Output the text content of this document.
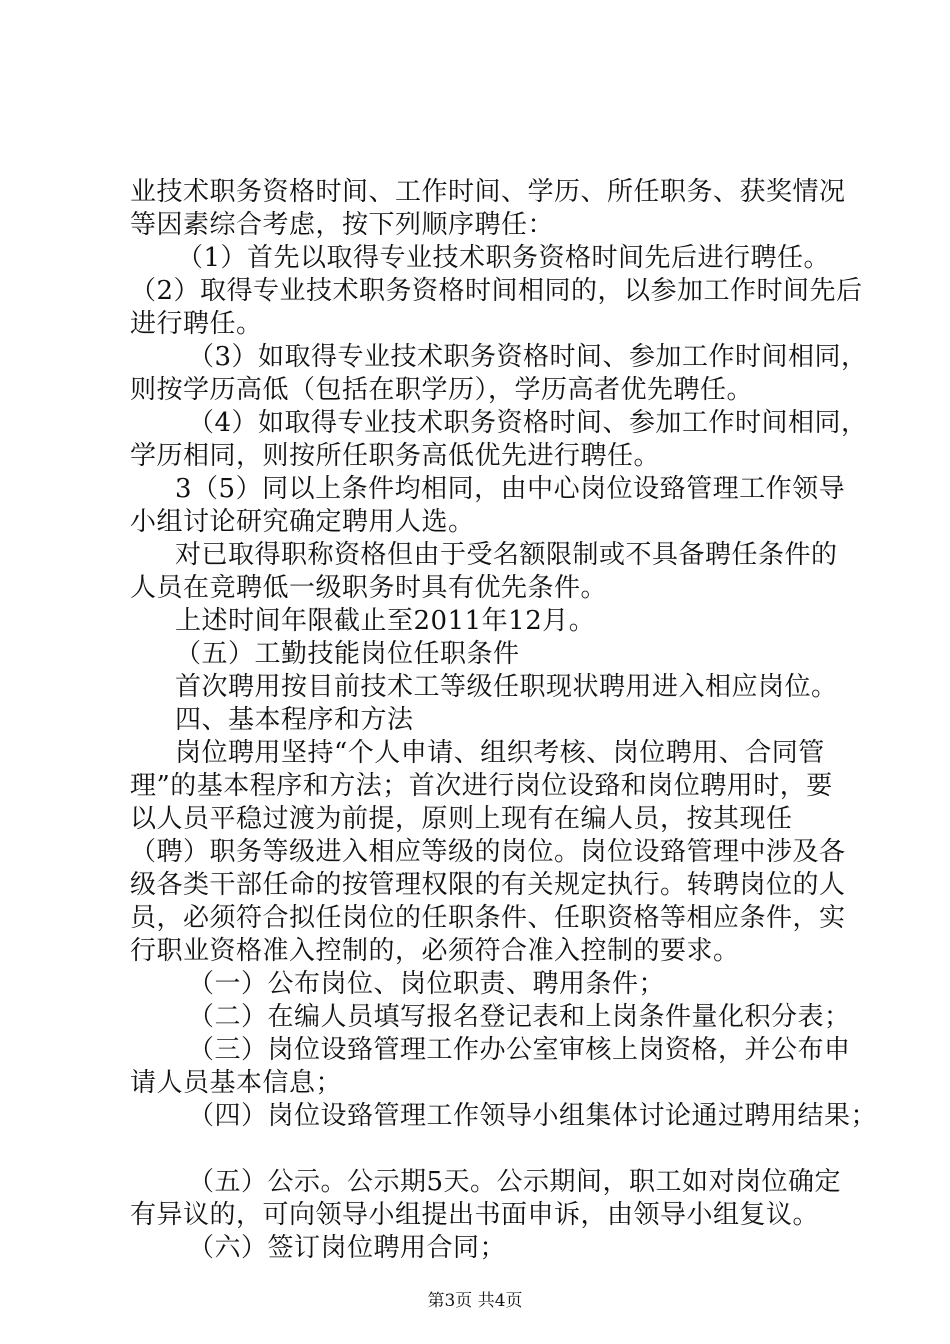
业技术职务资格时间、工作时间、学历、所任职务、获奖情况
等因素综合考虑，按下列顺序聘任：
（1）首先以取得专业技术职务资格时间先后进行聘任。
（2）取得专业技术职务资格时间相同的，以参加工作时间先后
进行聘任。
（3）如取得专业技术职务资格时间、参加工作时间相同，
则按学历高低（包括在职学历），学历高者优先聘任。
（4）如取得专业技术职务资格时间、参加工作时间相同，
学历相同，则按所任职务高低优先进行聘任。
3（5）同以上条件均相同，由中心岗位设臵管理工作领导
小组讨论研究确定聘用人选。
对已取得职称资格但由于受名额限制或不具备聘任条件的
人员在竞聘低一级职务时具有优先条件。
上述时间年限截止至2011年12月。
（五）工勤技能岗位任职条件
首次聘用按目前技术工等级任职现状聘用进入相应岗位。
四、基本程序和方法
岗位聘用坚持“个人申请、组织考核、岗位聘用、合同管
理”的基本程序和方法；首次进行岗位设臵和岗位聘用时，要
以人员平稳过渡为前提，原则上现有在编人员，按其现任
（聘）职务等级进入相应等级的岗位。岗位设臵管理中涉及各
级各类干部任命的按管理权限的有关规定执行。转聘岗位的人
员，必须符合拟任岗位的任职条件、任职资格等相应条件，实
行职业资格准入控制的，必须符合准入控制的要求。
（一）公布岗位、岗位职责、聘用条件；
（二）在编人员填写报名登记表和上岗条件量化积分表；
（三）岗位设臵管理工作办公室审核上岗资格，并公布申
请人员基本信息；
（四）岗位设臵管理工作领导小组集体讨论通过聘用结果；
（五）公示。公示期5天。公示期间，职工如对岗位确定
有异议的，可向领导小组提出书面申诉，由领导小组复议。
（六）签订岗位聘用合同；
第3页 共4页
